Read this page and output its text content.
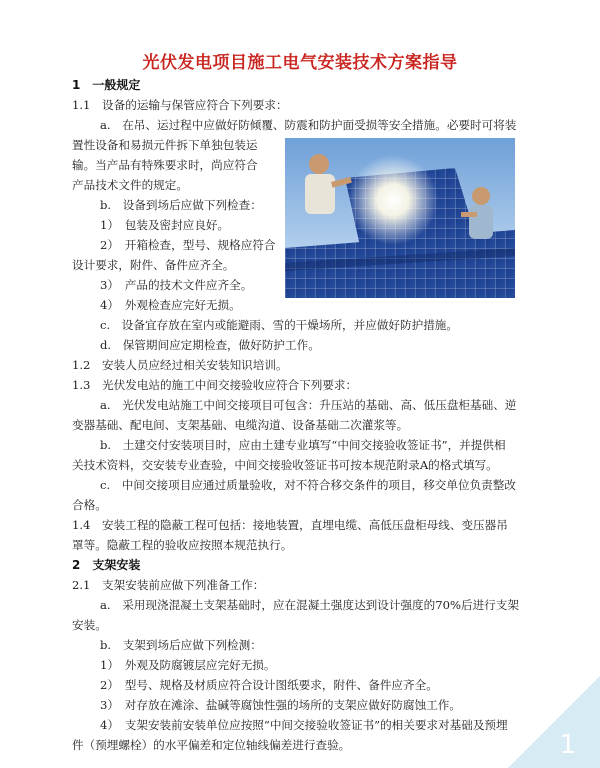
光伏发电项目施工电气安装技术方案指导
1　一般规定
1.1　设备的运输与保管应符合下列要求：
a.　在吊、运过程中应做好防倾覆、防震和防护面受损等安全措施。必要时可将装
置性设备和易损元件拆下单独包装运
输。当产品有特殊要求时，尚应符合
产品技术文件的规定。
b.　设备到场后应做下列检查：
1）　包装及密封应良好。
2）　开箱检查，型号、规格应符合
设计要求，附件、备件应齐全。
3）　产品的技术文件应齐全。
4）　外观检查应完好无损。
c.　设备宜存放在室内或能避雨、雪的干燥场所，并应做好防护措施。
d.　保管期间应定期检查，做好防护工作。
1.2　安装人员应经过相关安装知识培训。
1.3　光伏发电站的施工中间交接验收应符合下列要求：
a.　光伏发电站施工中间交接项目可包含：升压站的基础、高、低压盘柜基础、逆
变器基础、配电间、支架基础、电缆沟道、设备基础二次灌浆等。
b.　土建交付安装项目时，应由土建专业填写“中间交接验收签证书”，并提供相
关技术资料，交安装专业查验，中间交接验收签证书可按本规范附录A的格式填写。
c.　中间交接项目应通过质量验收，对不符合移交条件的项目，移交单位负责整改
合格。
1.4　安装工程的隐蔽工程可包括：接地装置，直埋电缆、高低压盘柜母线、变压器吊
罩等。隐蔽工程的验收应按照本规范执行。
2　支架安装
2.1　支架安装前应做下列准备工作：
a.　采用现浇混凝土支架基础时，应在混凝土强度达到设计强度的70%后进行支架
安装。
b.　支架到场后应做下列检测：
1）　外观及防腐镀层应完好无损。
2）　型号、规格及材质应符合设计图纸要求，附件、备件应齐全。
3）　对存放在滩涂、盐碱等腐蚀性强的场所的支架应做好防腐蚀工作。
4）　支架安装前安装单位应按照“中间交接验收签证书”的相关要求对基础及预埋
件（预埋螺栓）的水平偏差和定位轴线偏差进行查验。	1
